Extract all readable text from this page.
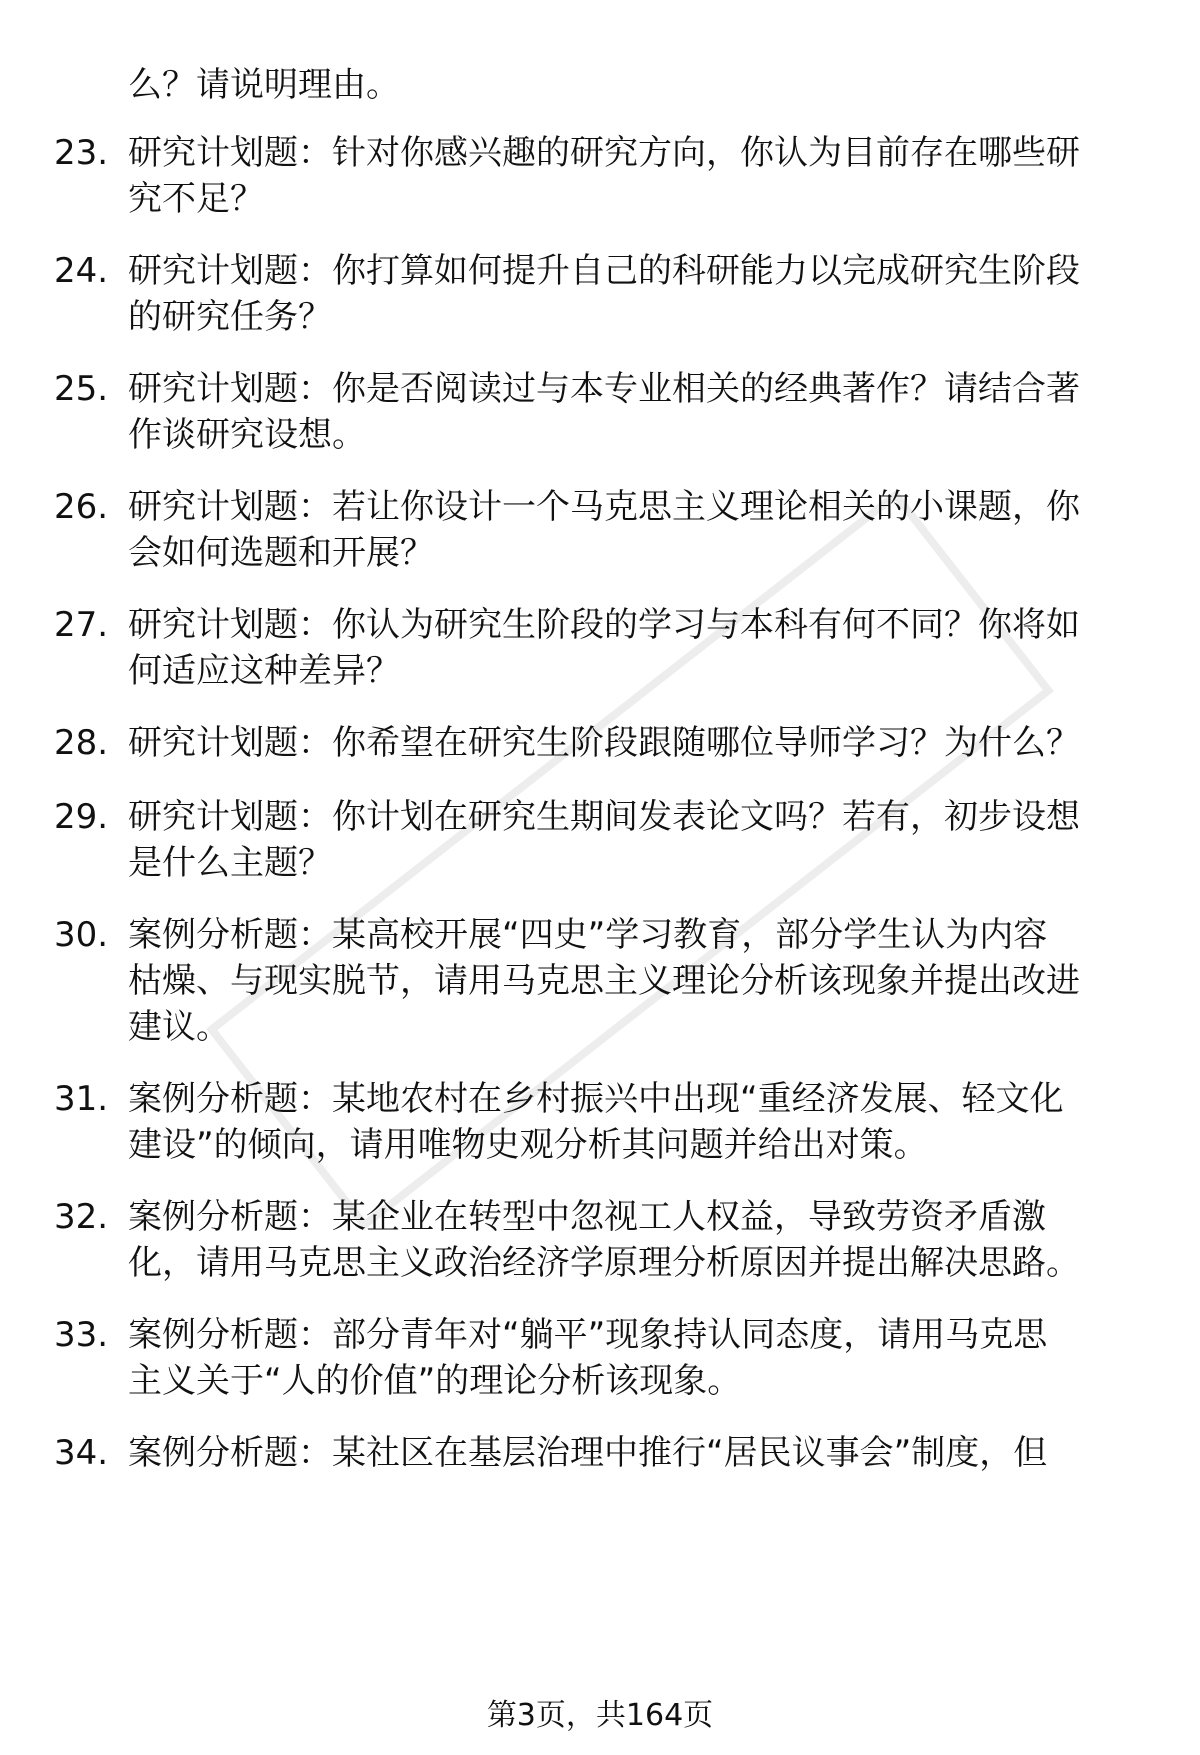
么？请说明理由。
23. 研究计划题：针对你感兴趣的研究方向，你认为目前存在哪些研
究不足？
24. 研究计划题：你打算如何提升自己的科研能力以完成研究生阶段
的研究任务？
25. 研究计划题：你是否阅读过与本专业相关的经典著作？请结合著
作谈研究设想。
26. 研究计划题：若让你设计一个马克思主义理论相关的小课题，你
会如何选题和开展？
27. 研究计划题：你认为研究生阶段的学习与本科有何不同？你将如
何适应这种差异？
28. 研究计划题：你希望在研究生阶段跟随哪位导师学习？为什么？
29. 研究计划题：你计划在研究生期间发表论文吗？若有，初步设想
是什么主题？
30. 案例分析题：某高校开展“四史”学习教育，部分学生认为内容
枯燥、与现实脱节，请用马克思主义理论分析该现象并提出改进
建议。
31. 案例分析题：某地农村在乡村振兴中出现“重经济发展、轻文化
建设”的倾向，请用唯物史观分析其问题并给出对策。
32. 案例分析题：某企业在转型中忽视工人权益，导致劳资矛盾激
化，请用马克思主义政治经济学原理分析原因并提出解决思路。
33. 案例分析题：部分青年对“躺平”现象持认同态度，请用马克思
主义关于“人的价值”的理论分析该现象。
34. 案例分析题：某社区在基层治理中推行“居民议事会”制度，但
第3页，共164页
